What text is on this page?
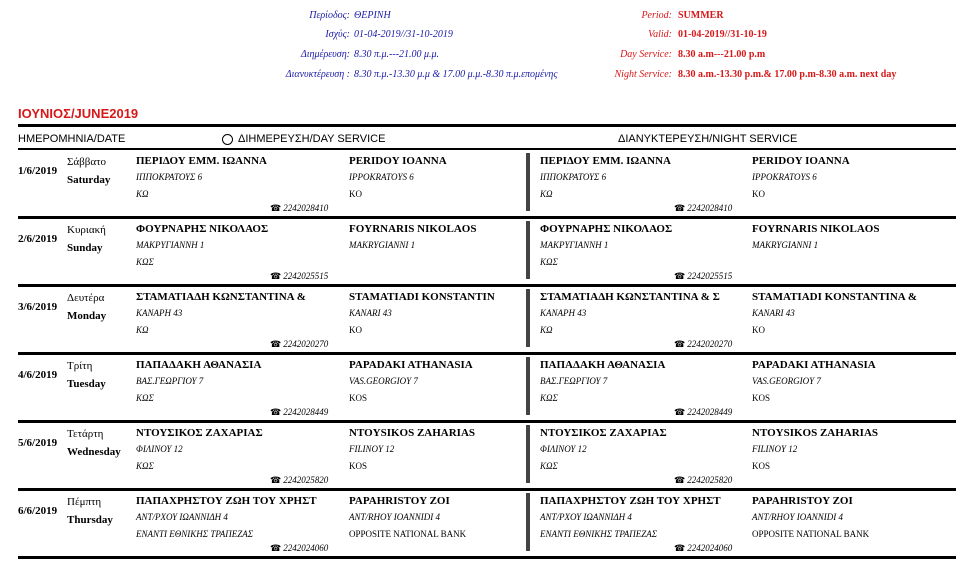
Περίοδος: ΘΕΡΙΝΗ
Ισχύς: 01-04-2019//31-10-2019
Διημέρευση: 8.30 π.μ.---21.00 μ.μ.
Διανυκτέρευση : 8.30 π.μ.-13.30 μ.μ & 17.00 μ.μ.-8.30 π.μ.επομένης
Period: SUMMER
Valid: 01-04-2019//31-10-19
Day Service: 8.30 a.m---21.00 p.m
Night Service: 8.30 a.m.-13.30 p.m.& 17.00 p.m-8.30 a.m. next day
ΙΟΥΝΙΟΣ/JUNE2019
ΗΜΕΡΟΜΗΝΙΑ/DATE	ΔΙΗΜΕΡΕΥΣΗ/DAY SERVICE	ΔΙΑΝΥΚΤΕΡΕΥΣΗ/NIGHT SERVICE
1/6/2019
Σάββατο
Saturday
ΠΕΡΙΔΟΥ ΕΜΜ. ΙΩΑΝΝΑ
ΙΠΠΟΚΡΑΤΟΥΣ 6
ΚΩ
PERIDOY IOANNA
IPPOKRATOYS 6
KO
☎ 2242028410
ΠΕΡΙΔΟΥ ΕΜΜ. ΙΩΑΝΝΑ
ΙΠΠΟΚΡΑΤΟΥΣ 6
ΚΩ
PERIDOY IOANNA
IPPOKRATOYS 6
KO
☎ 2242028410
2/6/2019
Κυριακή
Sunday
ΦΟΥΡΝΑΡΗΣ ΝΙΚΟΛΑΟΣ
ΜΑΚΡΥΓΙΑΝΝΗ 1
ΚΩΣ
FOYRNARIS NIKOLAOS
MAKRYGIANNI 1
☎ 2242025515
ΦΟΥΡΝΑΡΗΣ ΝΙΚΟΛΑΟΣ
ΜΑΚΡΥΓΙΑΝΝΗ 1
ΚΩΣ
FOYRNARIS NIKOLAOS
MAKRYGIANNI 1
☎ 2242025515
3/6/2019
Δευτέρα
Monday
ΣΤΑΜΑΤΙΑΔΗ ΚΩΝΣΤΑΝΤΙΝΑ &
ΚΑΝΑΡΗ 43
ΚΩ
STAMATIADI KONSTANTIN
KANARI 43
KO
☎ 2242020270
ΣΤΑΜΑΤΙΑΔΗ ΚΩΝΣΤΑΝΤΙΝΑ & Σ
ΚΑΝΑΡΗ 43
ΚΩ
STAMATIADI KONSTANTINA &
KANARI 43
KO
☎ 2242020270
4/6/2019
Τρίτη
Tuesday
ΠΑΠΑΔΑΚΗ ΑΘΑΝΑΣΙΑ
ΒΑΣ.ΓΕΩΡΓΙΟΥ 7
ΚΩΣ
PAPADAKI ATHANASIA
VAS.GEORGIOY 7
KOS
☎ 2242028449
ΠΑΠΑΔΑΚΗ ΑΘΑΝΑΣΙΑ
ΒΑΣ.ΓΕΩΡΓΙΟΥ 7
ΚΩΣ
PAPADAKI ATHANASIA
VAS.GEORGIOY 7
KOS
☎ 2242028449
5/6/2019
Τετάρτη
Wednesday
ΝΤΟΥΣΙΚΟΣ ΖΑΧΑΡΙΑΣ
ΦΙΛΙΝΟΥ 12
ΚΩΣ
NTOYSIKOS ZAHARIAS
FILINOY 12
KOS
☎ 2242025820
ΝΤΟΥΣΙΚΟΣ ΖΑΧΑΡΙΑΣ
ΦΙΛΙΝΟΥ 12
ΚΩΣ
NTOYSIKOS ZAHARIAS
FILINOY 12
KOS
☎ 2242025820
6/6/2019
Πέμπτη
Thursday
ΠΑΠΑΧΡΗΣΤΟΥ ΖΩΗ ΤΟΥ ΧΡΗΣΤ
ΑΝΤ/ΡΧΟΥ ΙΩΑΝΝΙΔΗ 4
ΕΝΑΝΤΙ ΕΘΝΙΚΗΣ ΤΡΑΠΕΖΑΣ
PAPAHRISTOY ZOI
ANT/RHOY IOANNIDI 4
OPPOSITE NATIONAL BANK
☎ 2242024060
ΠΑΠΑΧΡΗΣΤΟΥ ΖΩΗ ΤΟΥ ΧΡΗΣΤ
ΑΝΤ/ΡΧΟΥ ΙΩΑΝΝΙΔΗ 4
ΕΝΑΝΤΙ ΕΘΝΙΚΗΣ ΤΡΑΠΕΖΑΣ
PAPAHRISTOY ZOI
ANT/RHOY IOANNIDI 4
OPPOSITE NATIONAL BANK
☎ 2242024060
